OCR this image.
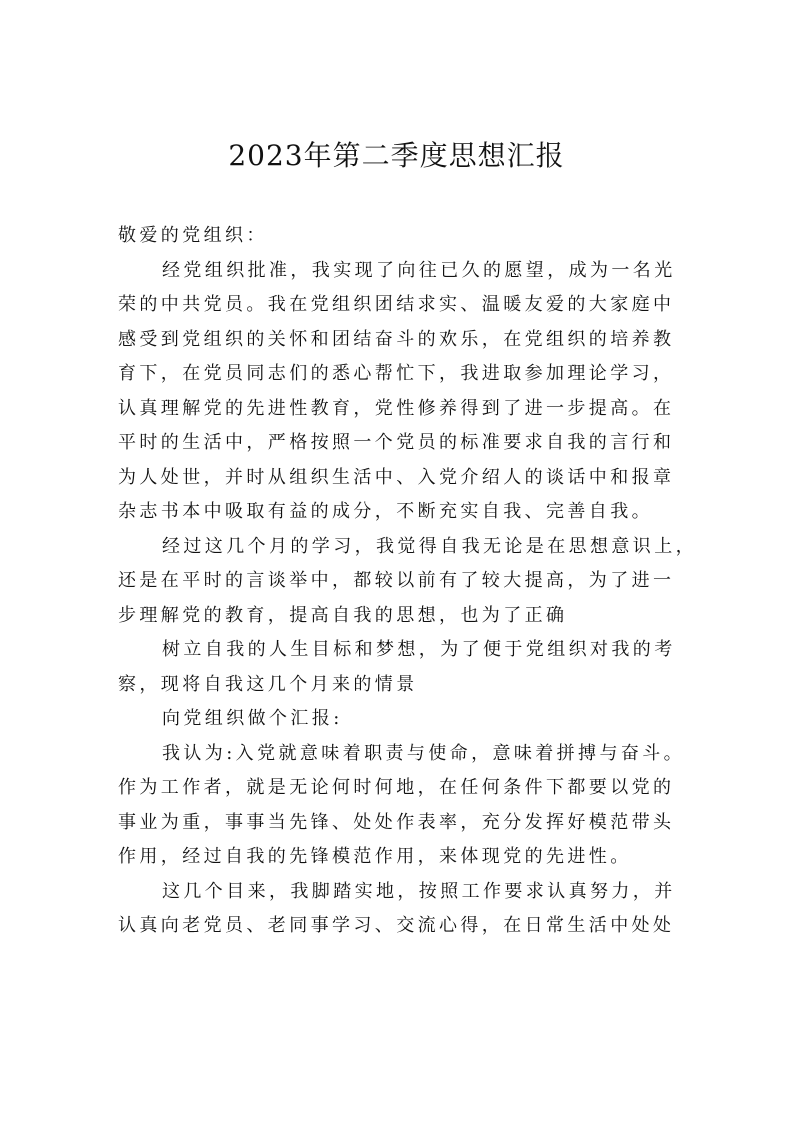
2023年第二季度思想汇报
敬爱的党组织：
经党组织批准，我实现了向往已久的愿望，成为一名光
荣的中共党员。我在党组织团结求实、温暖友爱的大家庭中
感受到党组织的关怀和团结奋斗的欢乐，在党组织的培养教
育下，在党员同志们的悉心帮忙下，我进取参加理论学习，
认真理解党的先进性教育，党性修养得到了进一步提高。在
平时的生活中，严格按照一个党员的标准要求自我的言行和
为人处世，并时从组织生活中、入党介绍人的谈话中和报章
杂志书本中吸取有益的成分，不断充实自我、完善自我。
经过这几个月的学习，我觉得自我无论是在思想意识上，
还是在平时的言谈举中，都较以前有了较大提高，为了进一
步理解党的教育，提高自我的思想，也为了正确
树立自我的人生目标和梦想，为了便于党组织对我的考
察，现将自我这几个月来的情景
向党组织做个汇报:
我认为:入党就意味着职责与使命，意味着拼搏与奋斗。
作为工作者，就是无论何时何地，在任何条件下都要以党的
事业为重，事事当先锋、处处作表率，充分发挥好模范带头
作用，经过自我的先锋模范作用，来体现党的先进性。
这几个目来，我脚踏实地，按照工作要求认真努力，并
认真向老党员、老同事学习、交流心得，在日常生活中处处
